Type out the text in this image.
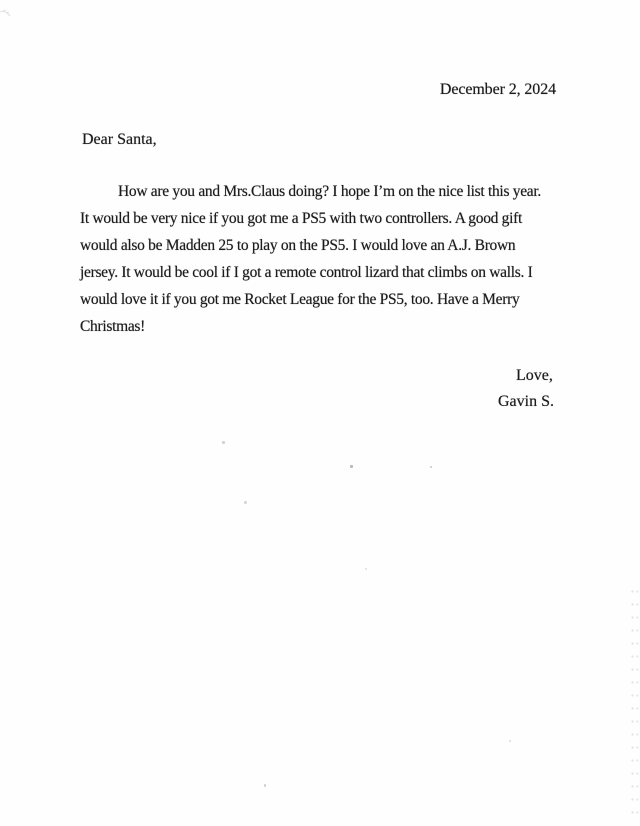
December 2, 2024
Dear Santa,
How are you and Mrs.Claus doing? I hope I’m on the nice list this year.
It would be very nice if you got me a PS5 with two controllers. A good gift
would also be Madden 25 to play on the PS5. I would love an A.J. Brown
jersey. It would be cool if I got a remote control lizard that climbs on walls. I
would love it if you got me Rocket League for the PS5, too. Have a Merry
Christmas!
Love,
Gavin S.
